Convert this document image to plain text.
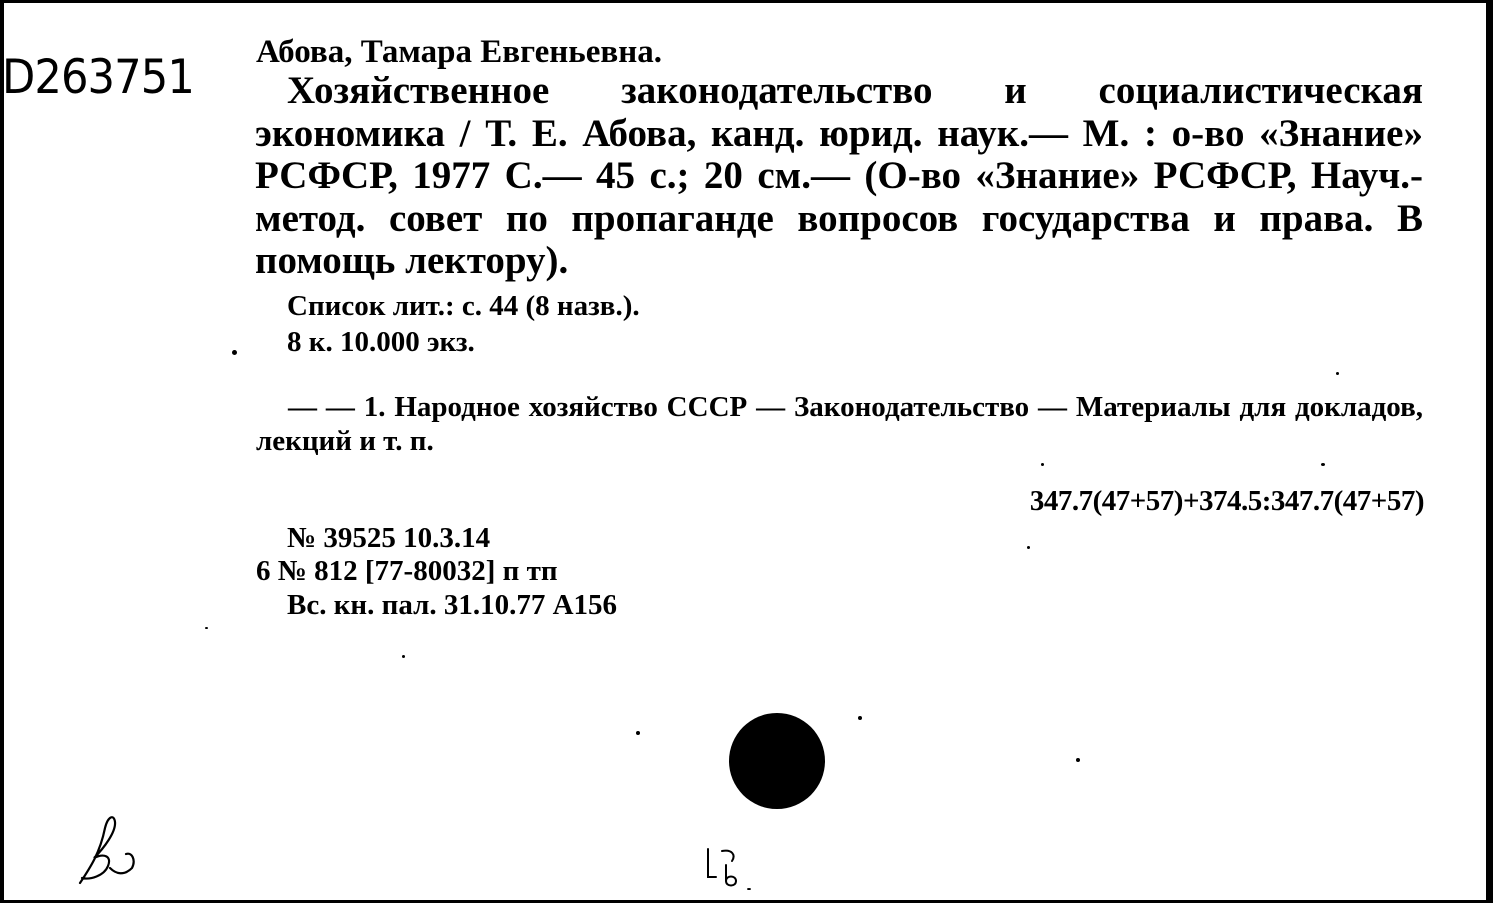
D263751 Абова, Тамара Евгеньевна.
Хозяйственное законодательство и социалистическая экономика / Т. Е. Абова, канд. юрид. наук.— М. : о-во «Знание» РСФСР, 1977 С.— 45 с.; 20 см.— (О-во «Знание» РСФСР, Науч.-метод. совет по пропаганде вопросов государства и права. В помощь лектору).
Список лит.: с. 44 (8 назв.).
8 к. 10.000 экз.
— — 1. Народное хозяйство СССР — Законодательство — Материалы для докладов, лекций и т. п.
347.7(47+57)+374.5:347.7(47+57)
№ 39525 10.3.14
6 № 812 [77-80032] п тп
Вс. кн. пал. 31.10.77 А156
